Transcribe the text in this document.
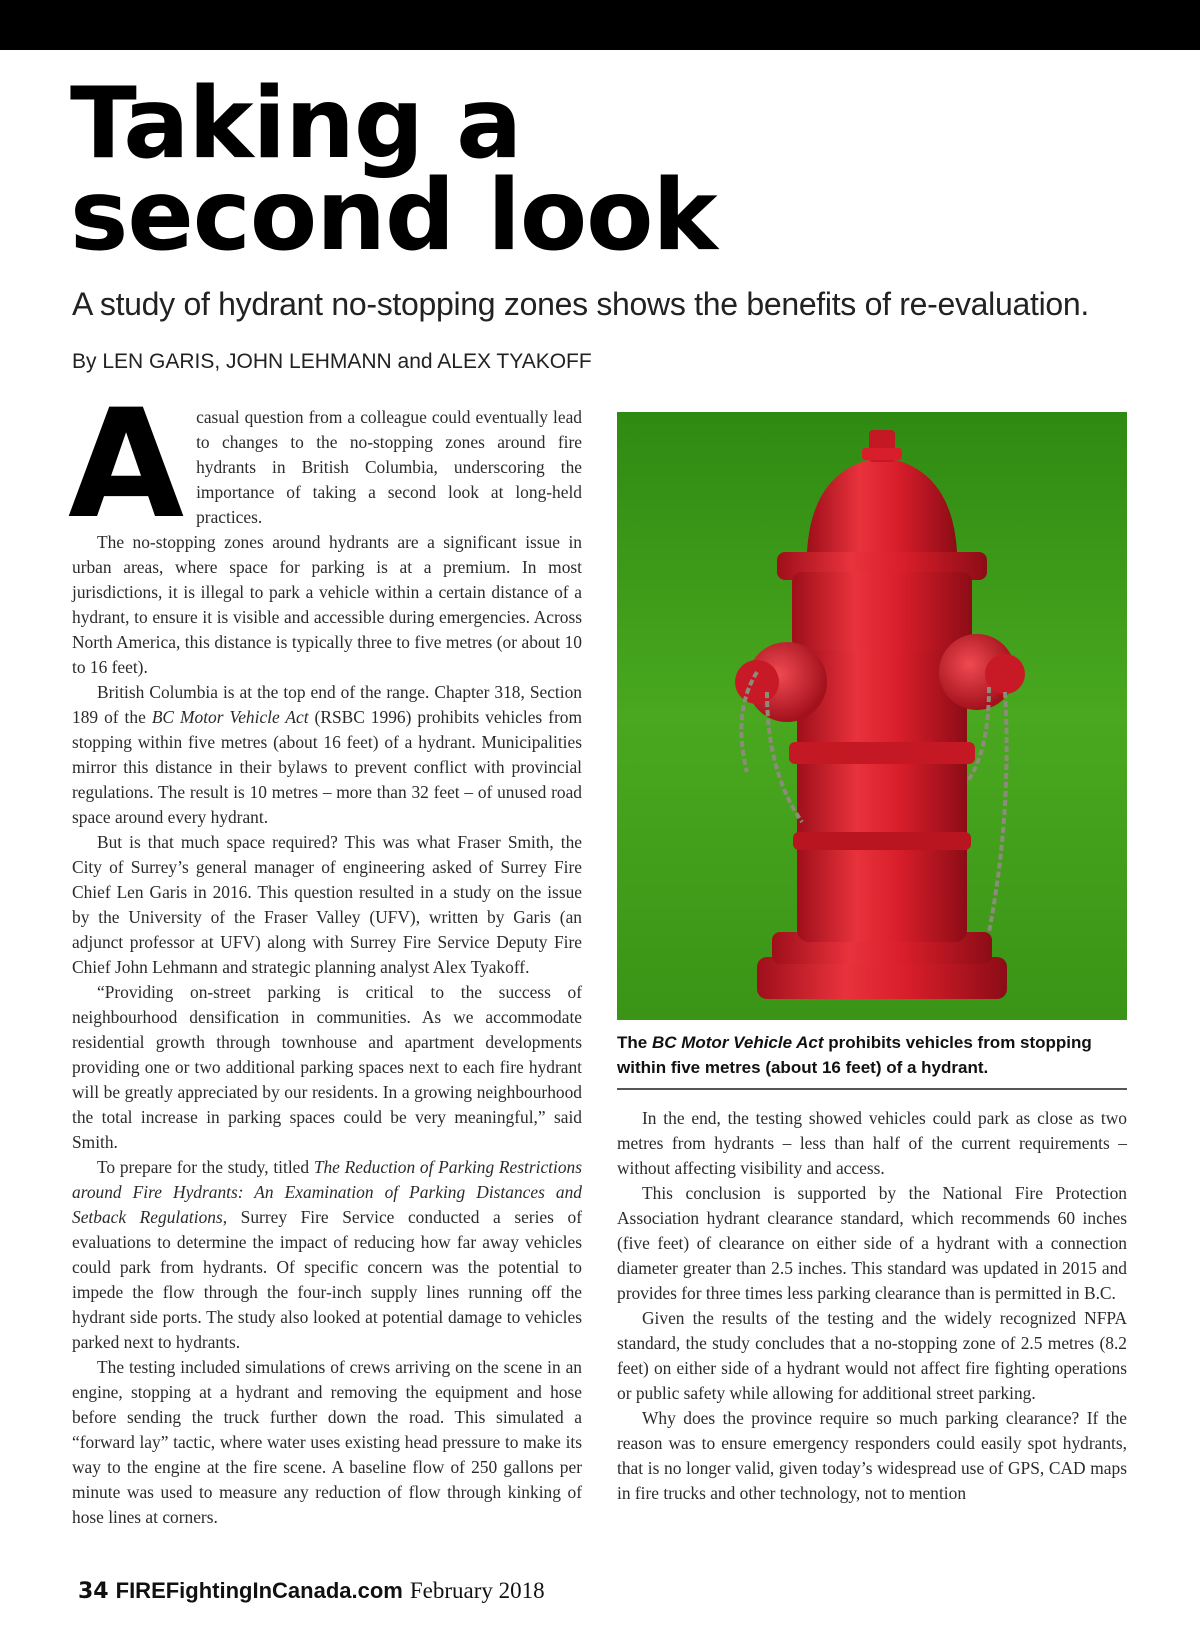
Taking a
second look
A study of hydrant no-stopping zones shows the benefits of re-evaluation.
By LEN GARIS, JOHN LEHMANN and ALEX TYAKOFF
A casual question from a colleague could eventually lead to changes to the no-stopping zones around fire hydrants in British Columbia, underscoring the importance of taking a second look at long-held practices.

The no-stopping zones around hydrants are a significant issue in urban areas, where space for parking is at a premium. In most jurisdictions, it is illegal to park a vehicle within a certain distance of a hydrant, to ensure it is visible and accessible during emergencies. Across North America, this distance is typically three to five metres (or about 10 to 16 feet).

British Columbia is at the top end of the range. Chapter 318, Section 189 of the BC Motor Vehicle Act (RSBC 1996) prohibits vehicles from stopping within five metres (about 16 feet) of a hydrant. Municipalities mirror this distance in their bylaws to prevent conflict with provincial regulations. The result is 10 metres – more than 32 feet – of unused road space around every hydrant.

But is that much space required? This was what Fraser Smith, the City of Surrey’s general manager of engineering asked of Surrey Fire Chief Len Garis in 2016. This question resulted in a study on the issue by the University of the Fraser Valley (UFV), written by Garis (an adjunct professor at UFV) along with Surrey Fire Service Deputy Fire Chief John Lehmann and strategic planning analyst Alex Tyakoff.

“Providing on-street parking is critical to the success of neighbourhood densification in communities. As we accommodate residential growth through townhouse and apartment developments providing one or two additional parking spaces next to each fire hydrant will be greatly appreciated by our residents. In a growing neighbourhood the total increase in parking spaces could be very meaningful,” said Smith.

To prepare for the study, titled The Reduction of Parking Restrictions around Fire Hydrants: An Examination of Parking Distances and Setback Regulations, Surrey Fire Service conducted a series of evaluations to determine the impact of reducing how far away vehicles could park from hydrants. Of specific concern was the potential to impede the flow through the four-inch supply lines running off the hydrant side ports. The study also looked at potential damage to vehicles parked next to hydrants.

The testing included simulations of crews arriving on the scene in an engine, stopping at a hydrant and removing the equipment and hose before sending the truck further down the road. This simulated a “forward lay” tactic, where water uses existing head pressure to make its way to the engine at the fire scene. A baseline flow of 250 gallons per minute was used to measure any reduction of flow through kinking of hose lines at corners.

The BC Motor Vehicle Act prohibits vehicles from stopping within five metres (about 16 feet) of a hydrant.

In the end, the testing showed vehicles could park as close as two metres from hydrants – less than half of the current requirements – without affecting visibility and access.

This conclusion is supported by the National Fire Protection Association hydrant clearance standard, which recommends 60 inches (five feet) of clearance on either side of a hydrant with a connection diameter greater than 2.5 inches. This standard was updated in 2015 and provides for three times less parking clearance than is permitted in B.C.

Given the results of the testing and the widely recognized NFPA standard, the study concludes that a no-stopping zone of 2.5 metres (8.2 feet) on either side of a hydrant would not affect fire fighting operations or public safety while allowing for additional street parking.

Why does the province require so much parking clearance? If the reason was to ensure emergency responders could easily spot hydrants, that is no longer valid, given today’s widespread use of GPS, CAD maps in fire trucks and other technology, not to mention

34 FIREFightingInCanada.com February 2018
